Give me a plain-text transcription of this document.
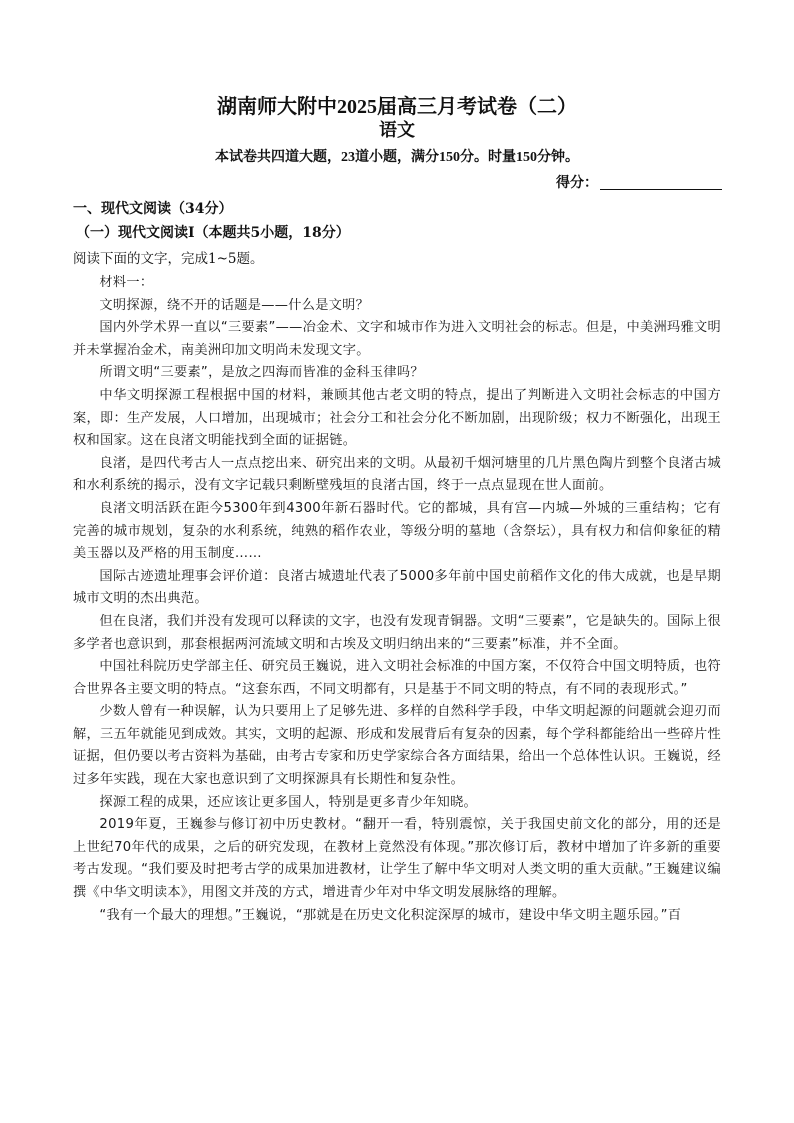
湖南师大附中2025届高三月考试卷（二）
语文
本试卷共四道大题，23道小题，满分150分。时量150分钟。
得分：
一、现代文阅读（34分）
（一）现代文阅读Ⅰ（本题共5小题，18分）
阅读下面的文字，完成1~5题。

材料一：

文明探源，绕不开的话题是——什么是文明？

国内外学术界一直以“三要素”——冶金术、文字和城市作为进入文明社会的标志。但是，中美洲玛雅文明并未掌握冶金术，南美洲印加文明尚未发现文字。

所谓文明“三要素”，是放之四海而皆准的金科玉律吗？

中华文明探源工程根据中国的材料，兼顾其他古老文明的特点，提出了判断进入文明社会标志的中国方案，即：生产发展，人口增加，出现城市；社会分工和社会分化不断加剧，出现阶级；权力不断强化，出现王权和国家。这在良渚文明能找到全面的证据链。

良渚，是四代考古人一点点挖出来、研究出来的文明。从最初千烟河塘里的几片黑色陶片到整个良渚古城和水利系统的揭示，没有文字记载只剩断壁残垣的良渚古国，终于一点点显现在世人面前。

良渚文明活跃在距今5300年到4300年新石器时代。它的都城，具有宫—内城—外城的三重结构；它有完善的城市规划，复杂的水利系统，纯熟的稻作农业，等级分明的墓地（含祭坛），具有权力和信仰象征的精美玉器以及严格的用玉制度……

国际古迹遗址理事会评价道：良渚古城遗址代表了5000多年前中国史前稻作文化的伟大成就，也是早期城市文明的杰出典范。

但在良渚，我们并没有发现可以释读的文字，也没有发现青铜器。文明“三要素”，它是缺失的。国际上很多学者也意识到，那套根据两河流域文明和古埃及文明归纳出来的“三要素”标准，并不全面。

中国社科院历史学部主任、研究员王巍说，进入文明社会标准的中国方案，不仅符合中国文明特质，也符合世界各主要文明的特点。“这套东西，不同文明都有，只是基于不同文明的特点，有不同的表现形式。”

少数人曾有一种误解，认为只要用上了足够先进、多样的自然科学手段，中华文明起源的问题就会迎刃而解，三五年就能见到成效。其实，文明的起源、形成和发展背后有复杂的因素，每个学科都能给出一些碎片性证据，但仍要以考古资料为基础，由考古专家和历史学家综合各方面结果，给出一个总体性认识。王巍说，经过多年实践，现在大家也意识到了文明探源具有长期性和复杂性。

探源工程的成果，还应该让更多国人，特别是更多青少年知晓。

2019年夏，王巍参与修订初中历史教材。“翻开一看，特别震惊，关于我国史前文化的部分，用的还是上世纪70年代的成果，之后的研究发现，在教材上竟然没有体现。”那次修订后，教材中增加了许多新的重要考古发现。“我们要及时把考古学的成果加进教材，让学生了解中华文明对人类文明的重大贡献。”王巍建议编撰《中华文明读本》，用图文并茂的方式，增进青少年对中华文明发展脉络的理解。

“我有一个最大的理想。”王巍说，“那就是在历史文化积淀深厚的城市，建设中华文明主题乐园。”百
